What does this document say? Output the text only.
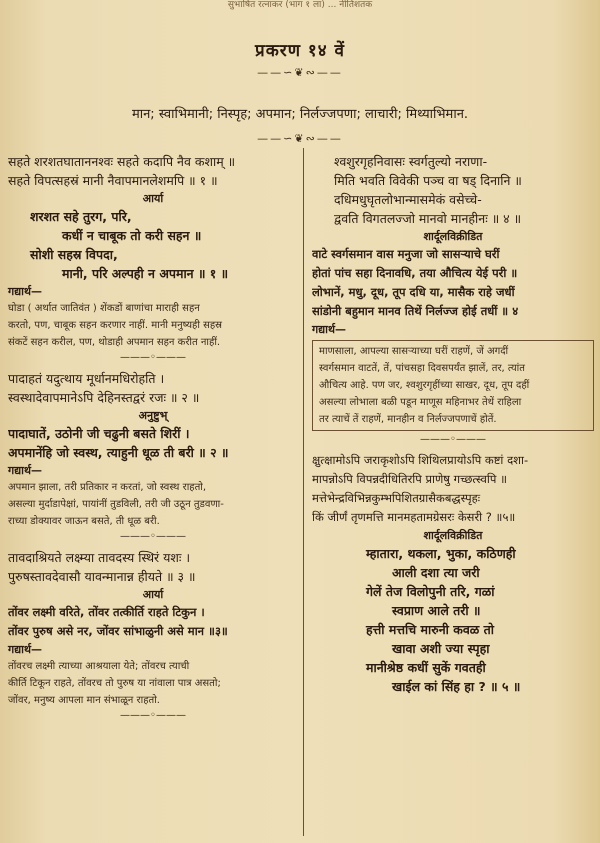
सुभाषित रत्नाकर (भाग १ ला) ... नीतिशतक
प्रकरण १४ वें
——∽❦∾——
मान; स्वाभिमानी; निस्पृह; अपमान; निर्लज्जपणा; लाचारी; मिथ्याभिमान.
——∽❦∾——
सहते शरशतघाताननश्वः सहते कदापि नैव कशाम् ॥
सहते विपत्सहस्रं मानी नैवापमानलेशमपि ॥ १ ॥
आर्या
शरशत सहे तुरग, परि,
कधीं न चाबूक तो करी सहन ॥
सोशी सहस्र विपदा,
मानी, परि अल्पही न अपमान ॥ १ ॥
गद्यार्थ—
घोडा ( अर्थात जातिवंत ) शेंकडों बाणांचा माराही सहन
करतो, पण, चाबूक सहन करणार नाहीं. मानी मनुष्यही सहस्र
संकटें सहन करील, पण, थोडाही अपमान सहन करीत नाहीं.
———◦———
पादाहतं यदुत्थाय मूर्धानमधिरोहति ।
स्वस्थादेवापमानेऽपि देहिनस्तद्वरं रजः ॥ २ ॥
अनुष्टुभ्
पादाघातें, उठोनी जी चढुनी बसते शिरीं ।
अपमानेंहि जो स्वस्थ, त्याहुनी धूळ ती बरी ॥ २ ॥
गद्यार्थ—
अपमान झाला, तरी प्रतिकार न करतां, जो स्वस्थ राहतो,
असल्या मुर्दाडापेक्षां, पायांनीं तुडविली, तरी जी उठून तुडवणा-
राच्या डोक्यावर जाऊन बसते, ती धूळ बरी.
———◦———
तावदाश्रियते लक्ष्म्या तावदस्य स्थिरं यशः ।
पुरुषस्तावदेवासौ यावन्मानान्न हीयते ॥ ३ ॥
आर्या
तोंवर लक्ष्मी वरिते, तोंवर तत्कीर्ति राहते टिकुन ।
तोंवर पुरुष असे नर, जोंवर सांभाळुनी असे मान ॥३॥
गद्यार्थ—
तोंवरच लक्ष्मी त्याच्या आश्रयाला येते; तोंवरच त्याची
कीर्ति टिकून राहते, तोंवरच तो पुरुष या नांवाला पात्र असतो;
जोंवर, मनुष्य आपला मान संभाळून राहतो.
———◦———
श्वशुरगृहनिवासः स्वर्गतुल्यो नराणा-
मिति भवति विवेकी पञ्च वा षड् दिनानि ॥
दधिमधुघृतलोभान्मासमेकं वसेच्चे-
द्ववति विगतलज्जो मानवो मानहीनः ॥ ४ ॥
शार्दूलविक्रीडित
वाटे स्वर्गसमान वास मनुजा जो सासऱ्याचे घरीं
होतां पांच सहा दिनावधि, तया औचित्य येई परी ॥
लोभानें, मधु, दूध, तूप दधि या, मासैक राहे जधीं
सांडोनी बहुमान मानव तिथें निर्लज्ज होई तधीं ॥ ४
गद्यार्थ—
माणसाला, आपल्या सासऱ्याच्या घरीं राहणें, जें अगदीं
स्वर्गसमान वाटतें, तें, पांचसहा दिवसपर्यंत झालें, तर, त्यांत
औचित्य आहे. पण जर, श्वशुरगृहींच्या साखर, दूध, तूप दहीं
असल्या लोभाला बळी पडून माणूस महिनाभर तेथें राहिला
तर त्याचें तें राहणें, मानहीन व निर्लज्जपणाचें होतें.
———◦———
क्षुत्क्षामोऽपि जराकृशोऽपि शिथिलप्रायोऽपि कष्टां दशा-
मापन्नोऽपि विपन्नदीधितिरपि प्राणेषु गच्छत्स्वपि ॥
मत्तेभेन्द्रविभिन्नकुम्भपिशितग्रासैकबद्धस्पृहः
किं जीर्णं तृणमत्ति मानमहतामग्रेसरः केसरी ? ॥५॥
शार्दूलविक्रीडित
म्हातारा, थकला, भुका, कठिणही
आली दशा त्या जरी
गेलें तेज विलोपुनी तरि, गळां
स्वप्राण आले तरी ॥
हत्ती मत्तचि मारुनी कवळ तो
खावा अशी ज्या स्पृहा
मानीश्रेष्ठ कधीं सुकें गवतही
खाईल कां सिंह हा ? ॥ ५ ॥
